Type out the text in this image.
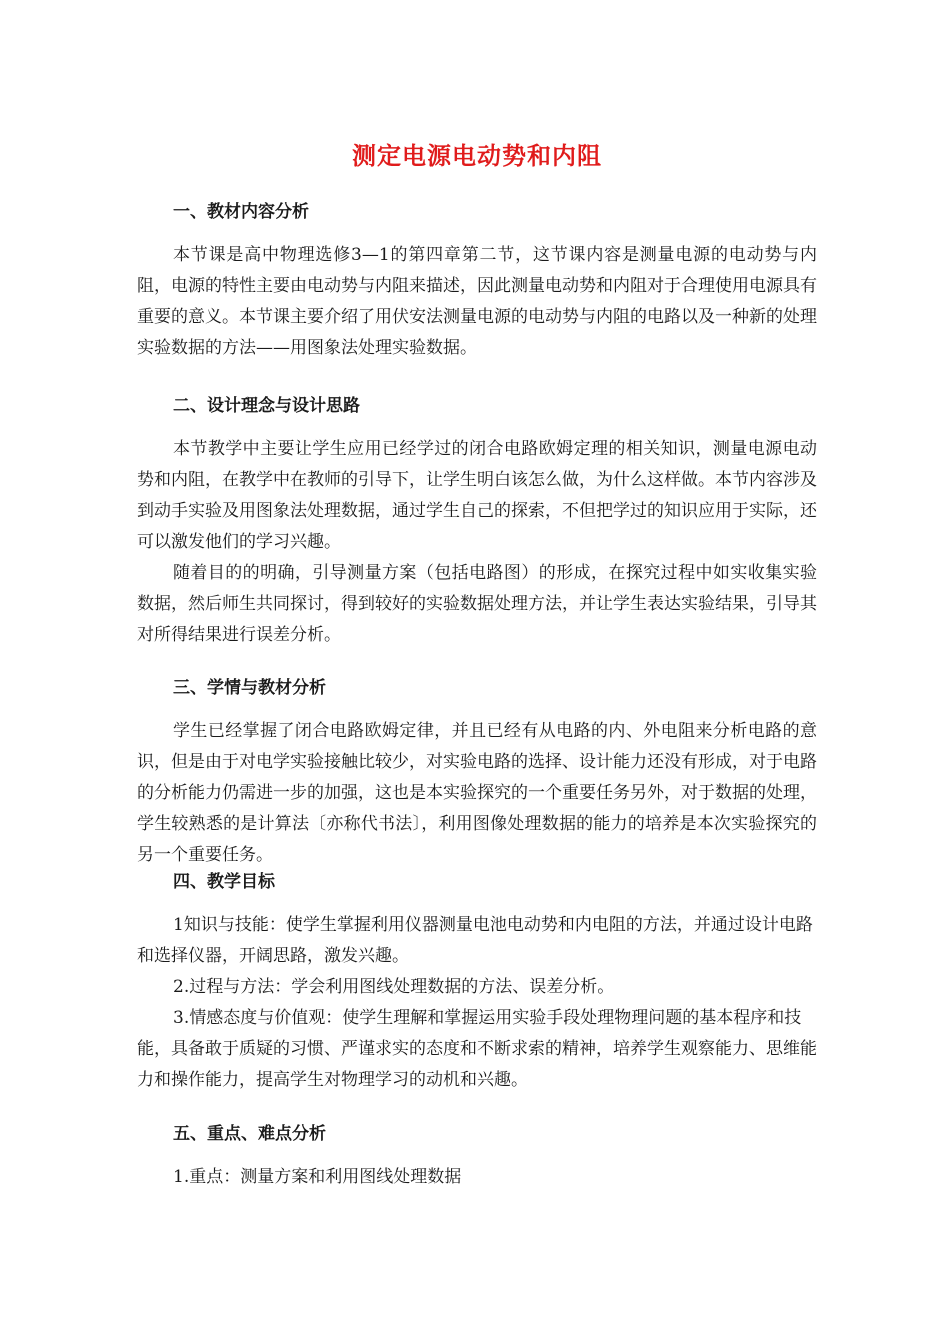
测定电源电动势和内阻
一、教材内容分析

本节课是高中物理选修3—1的第四章第二节，这节课内容是测量电源的电动势与内阻，电源的特性主要由电动势与内阻来描述，因此测量电动势和内阻对于合理使用电源具有重要的意义。本节课主要介绍了用伏安法测量电源的电动势与内阻的电路以及一种新的处理实验数据的方法——用图象法处理实验数据。

二、设计理念与设计思路

本节教学中主要让学生应用已经学过的闭合电路欧姆定理的相关知识，测量电源电动势和内阻，在教学中在教师的引导下，让学生明白该怎么做，为什么这样做。本节内容涉及到动手实验及用图象法处理数据，通过学生自己的探索，不但把学过的知识应用于实际，还可以激发他们的学习兴趣。

随着目的的明确，引导测量方案（包括电路图）的形成，在探究过程中如实收集实验数据，然后师生共同探讨，得到较好的实验数据处理方法，并让学生表达实验结果，引导其对所得结果进行误差分析。

三、学情与教材分析

学生已经掌握了闭合电路欧姆定律，并且已经有从电路的内、外电阻来分析电路的意识，但是由于对电学实验接触比较少，对实验电路的选择、设计能力还没有形成，对于电路的分析能力仍需进一步的加强，这也是本实验探究的一个重要任务另外，对于数据的处理，学生较熟悉的是计算法〔亦称代书法〕，利用图像处理数据的能力的培养是本次实验探究的另一个重要任务。

四、教学目标

1知识与技能：使学生掌握利用仪器测量电池电动势和内电阻的方法，并通过设计电路和选择仪器，开阔思路，激发兴趣。

2.过程与方法：学会利用图线处理数据的方法、误差分析。

3.情感态度与价值观：使学生理解和掌握运用实验手段处理物理问题的基本程序和技能，具备敢于质疑的习惯、严谨求实的态度和不断求索的精神，培养学生观察能力、思维能力和操作能力，提高学生对物理学习的动机和兴趣。

五、重点、难点分析

1.重点：测量方案和利用图线处理数据
